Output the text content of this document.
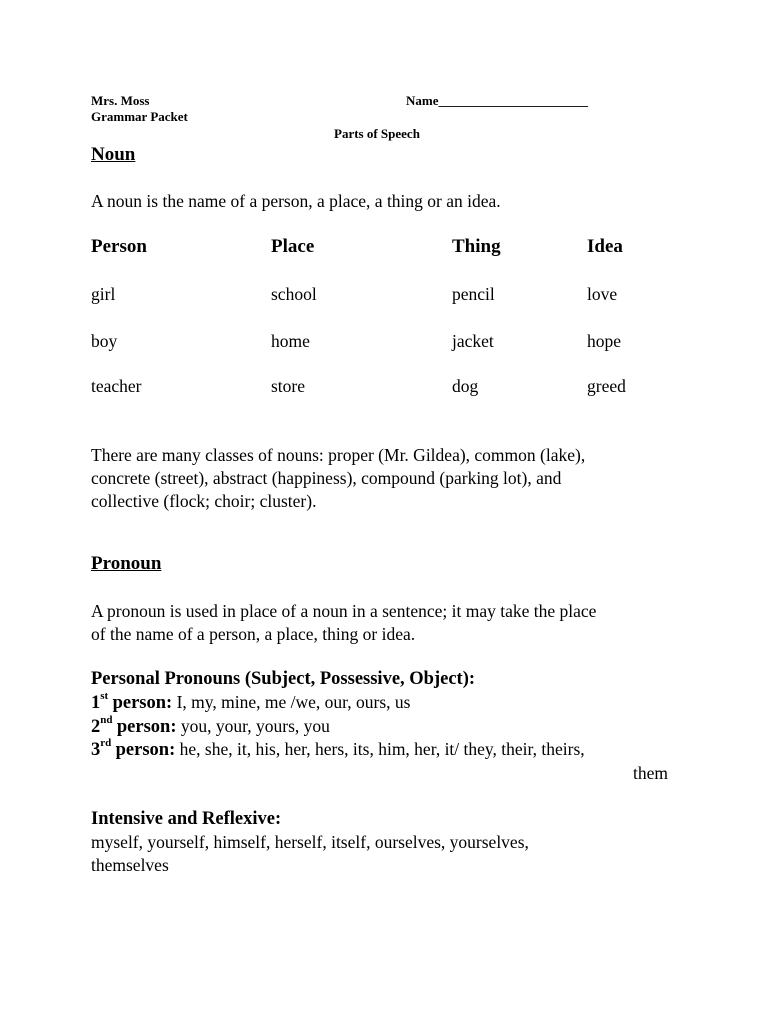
Mrs. Moss
Grammar Packet
Name_______________________
Parts of Speech
Noun
A noun is the name of a person, a place, a thing or an idea.
Person	Place	Thing	Idea
girl	school	pencil	love
boy	home	jacket	hope
teacher	store	dog	greed
There are many classes of nouns: proper (Mr. Gildea), common (lake),
concrete (street), abstract (happiness), compound (parking lot), and
collective (flock; choir; cluster).
Pronoun
A pronoun is used in place of a noun in a sentence; it may take the place
of the name of a person, a place, thing or idea.
Personal Pronouns (Subject, Possessive, Object):
1st person: I, my, mine, me /we, our, ours, us
2nd person: you, your, yours, you
3rd person: he, she, it, his, her, hers, its, him, her, it/ they, their, theirs,
them
Intensive and Reflexive:
myself, yourself, himself, herself, itself, ourselves, yourselves,
themselves
